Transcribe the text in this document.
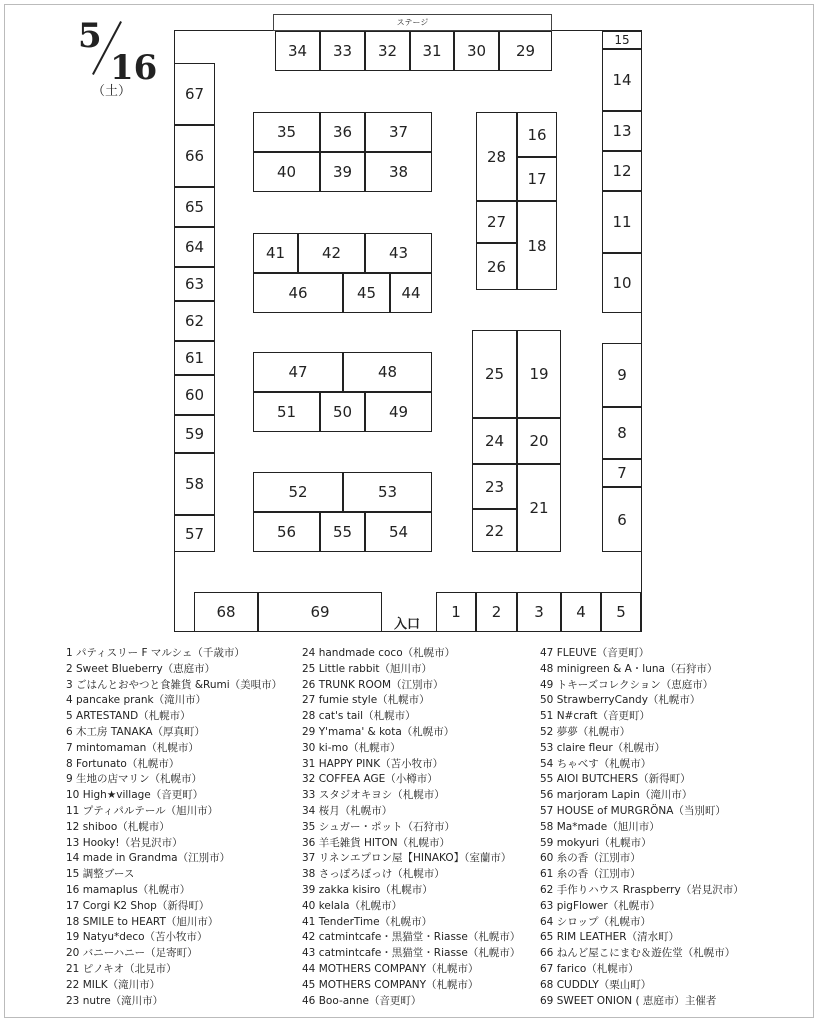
5
16
（土）
ステージ
入口
34	33	32	31	30	29
15
14
13
12
11
10
9
8
7
6
67
66
65
64
63
62
61
60
59
58
57
35	36	37
40	39	38
41	42	43
46	45	44
47	48
51	50	49
52	53
56	55	54
28
16
17
27
26
18
25	19
24	20
23
22
21
68	69	1	2	3	4	5
1 パティスリー F マルシェ（千歳市）
2 Sweet Blueberry（恵庭市）
3 ごはんとおやつと食雑貨 &Rumi（美唄市）
4 pancake prank（滝川市）
5 ARTESTAND（札幌市）
6 木工房 TANAKA（厚真町）
7 mintomaman（札幌市）
8 Fortunato（札幌市）
9 生地の店マリン（札幌市）
10 High★village（音更町）
11 プティパルテール（旭川市）
12 shiboo（札幌市）
13 Hooky!（岩見沢市）
14 made in Grandma（江別市）
15 調整ブース
16 mamaplus（札幌市）
17 Corgi K2 Shop（新得町）
18 SMILE to HEART（旭川市）
19 Natyu*deco（苫小牧市）
20 バニーハニー（足寄町）
21 ピノキオ（北見市）
22 MILK（滝川市）
23 nutre（滝川市）
24 handmade coco（札幌市）
25 Little rabbit（旭川市）
26 TRUNK ROOM（江別市）
27 fumie style（札幌市）
28 cat's tail（札幌市）
29 Y'mama' & kota（札幌市）
30 ki-mo（札幌市）
31 HAPPY PINK（苫小牧市）
32 COFFEA AGE（小樽市）
33 スタジオキヨシ（札幌市）
34 桜月（札幌市）
35 シュガー・ポット（石狩市）
36 羊毛雑貨 HITON（札幌市）
37 リネンエプロン屋【HINAKO】（室蘭市）
38 さっぽろぼっけ（札幌市）
39 zakka kisiro（札幌市）
40 kelala（札幌市）
41 TenderTime（札幌市）
42 catmintcafe・黒猫堂・Riasse（札幌市）
43 catmintcafe・黒猫堂・Riasse（札幌市）
44 MOTHERS COMPANY（札幌市）
45 MOTHERS COMPANY（札幌市）
46 Boo-anne（音更町）
47 FLEUVE（音更町）
48 minigreen & A・luna（石狩市）
49 トキーズコレクション（恵庭市）
50 StrawberryCandy（札幌市）
51 N#craft（音更町）
52 夢夢（札幌市）
53 claire fleur（札幌市）
54 ちゃべす（札幌市）
55 AIOI BUTCHERS（新得町）
56 marjoram Lapin（滝川市）
57 HOUSE of MURGRÖNA（当別町）
58 Ma*made（旭川市）
59 mokyuri（札幌市）
60 糸の香（江別市）
61 糸の香（江別市）
62 手作りハウス Rraspberry（岩見沢市）
63 pigFlower（札幌市）
64 シロップ（札幌市）
65 RIM LEATHER（清水町）
66 ねんど屋こにまむ＆遊佐堂（札幌市）
67 farico（札幌市）
68 CUDDLY（栗山町）
69 SWEET ONION ( 恵庭市）主催者
